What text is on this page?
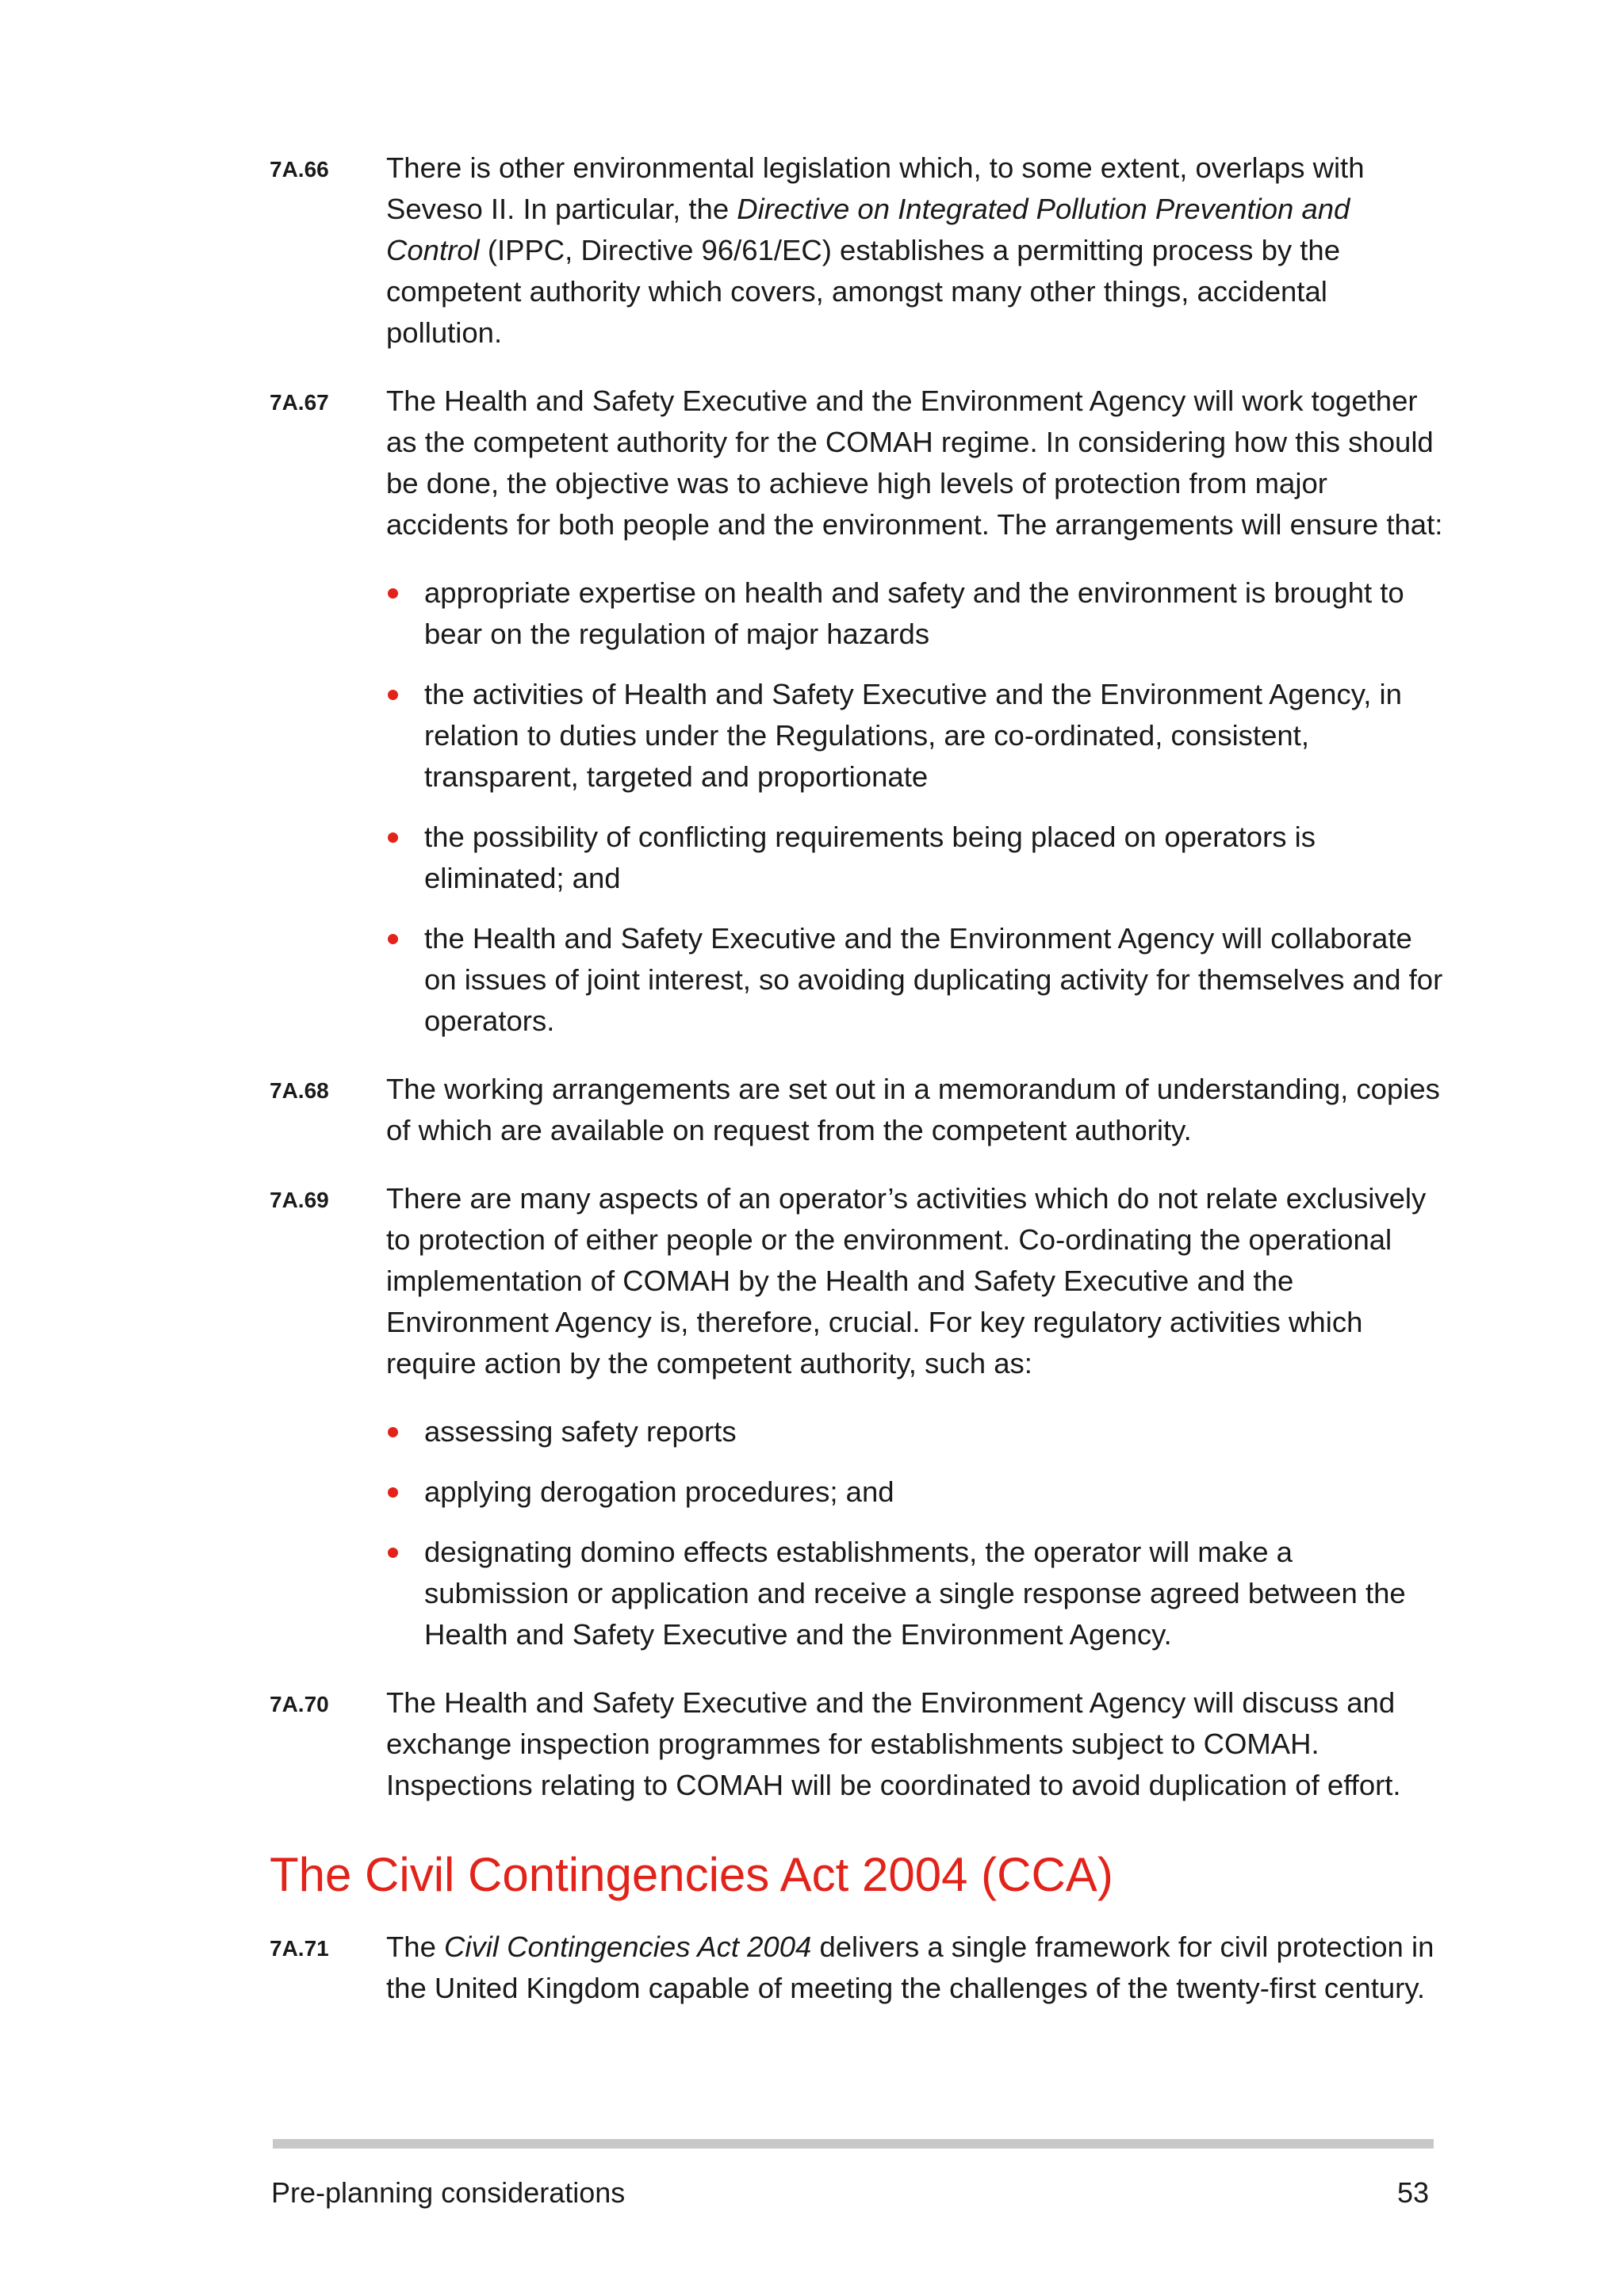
7A.66 There is other environmental legislation which, to some extent, overlaps with Seveso II. In particular, the Directive on Integrated Pollution Prevention and Control (IPPC, Directive 96/61/EC) establishes a permitting process by the competent authority which covers, amongst many other things, accidental pollution.

7A.67 The Health and Safety Executive and the Environment Agency will work together as the competent authority for the COMAH regime. In considering how this should be done, the objective was to achieve high levels of protection from major accidents for both people and the environment. The arrangements will ensure that:

appropriate expertise on health and safety and the environment is brought to bear on the regulation of major hazards
the activities of Health and Safety Executive and the Environment Agency, in relation to duties under the Regulations, are co-ordinated, consistent, transparent, targeted and proportionate
the possibility of conflicting requirements being placed on operators is eliminated; and
the Health and Safety Executive and the Environment Agency will collaborate on issues of joint interest, so avoiding duplicating activity for themselves and for operators.
7A.68 The working arrangements are set out in a memorandum of understanding, copies of which are available on request from the competent authority.

7A.69 There are many aspects of an operator’s activities which do not relate exclusively to protection of either people or the environment. Co-ordinating the operational implementation of COMAH by the Health and Safety Executive and the Environment Agency is, therefore, crucial. For key regulatory activities which require action by the competent authority, such as:

assessing safety reports
applying derogation procedures; and
designating domino effects establishments, the operator will make a submission or application and receive a single response agreed between the Health and Safety Executive and the Environment Agency.
7A.70 The Health and Safety Executive and the Environment Agency will discuss and exchange inspection programmes for establishments subject to COMAH. Inspections relating to COMAH will be coordinated to avoid duplication of effort.

The Civil Contingencies Act 2004 (CCA)
7A.71 The Civil Contingencies Act 2004 delivers a single framework for civil protection in the United Kingdom capable of meeting the challenges of the twenty-first century.

Pre-planning considerations	53
